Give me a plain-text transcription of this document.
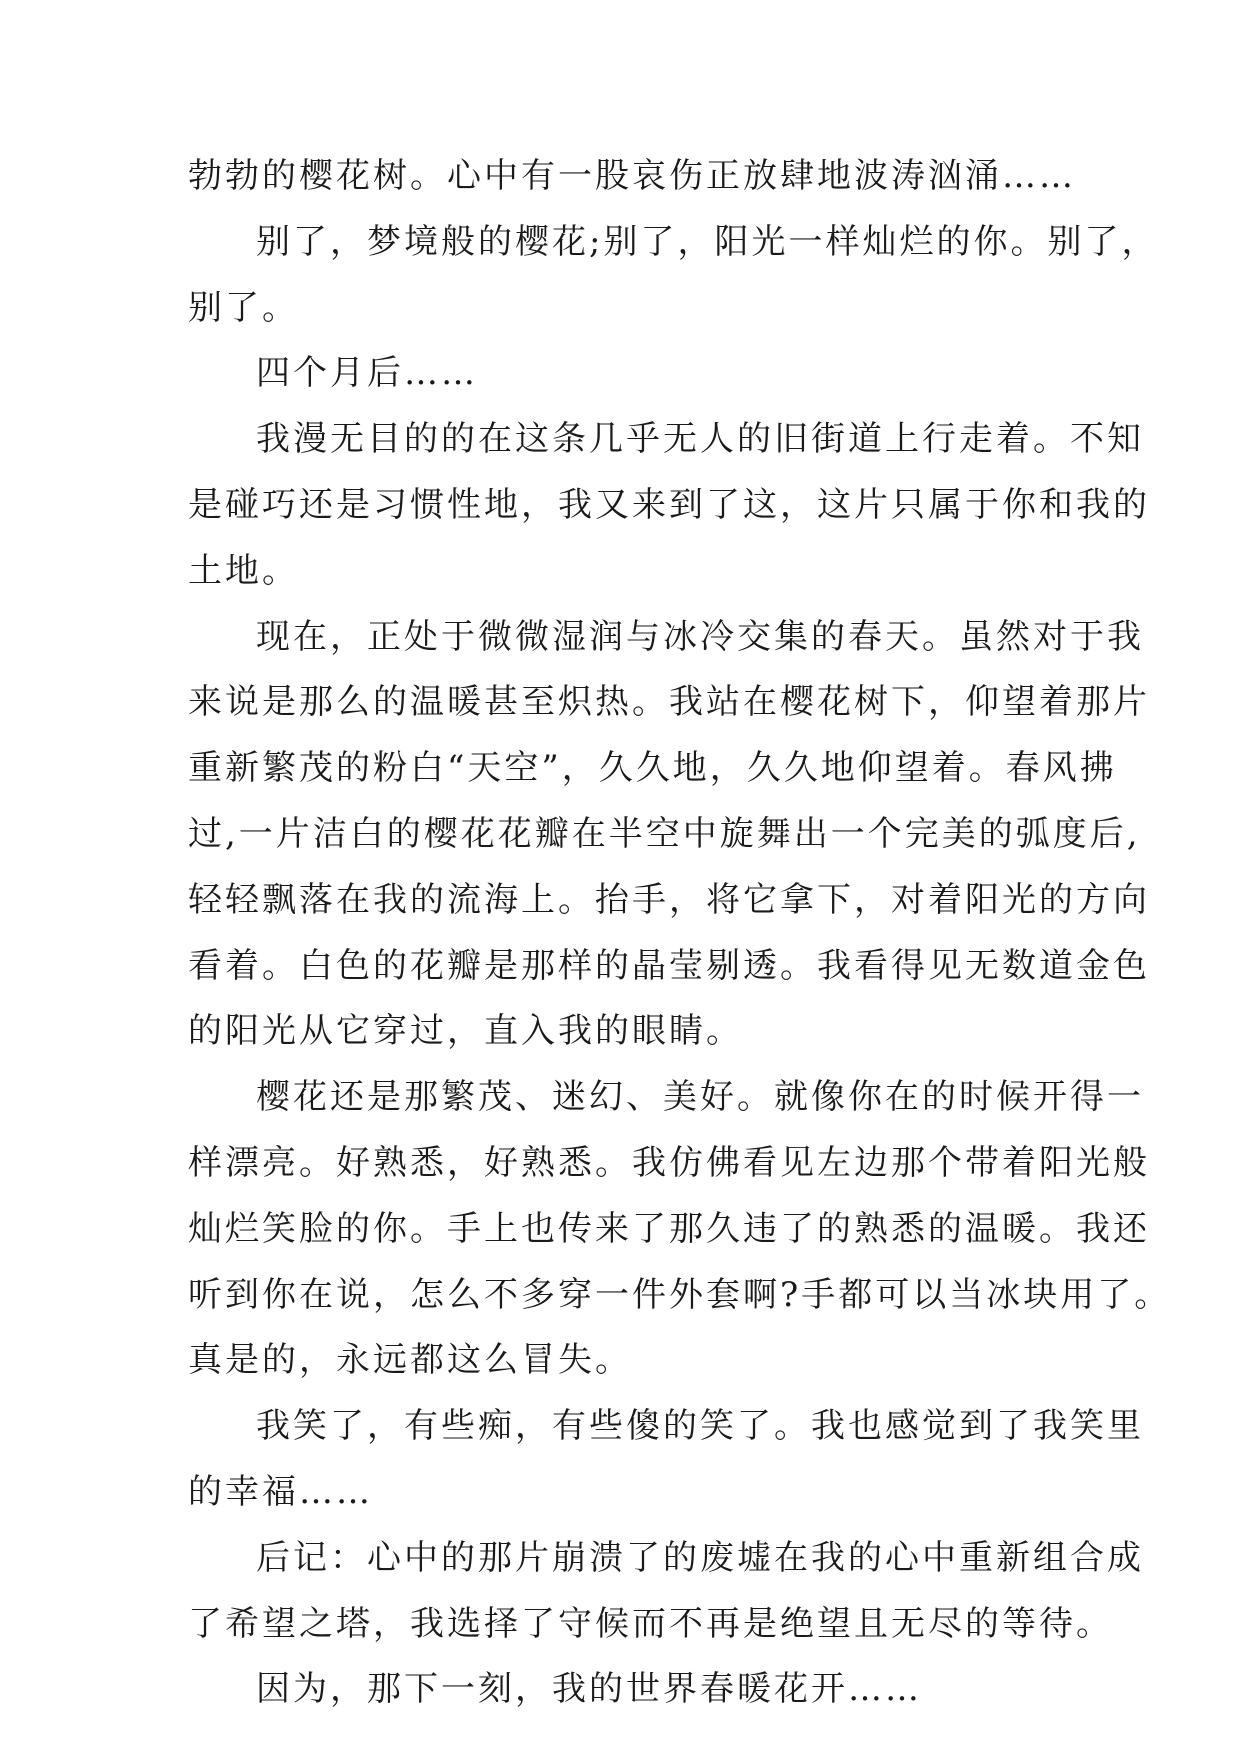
勃勃的樱花树。心中有一股哀伤正放肆地波涛汹涌……
别了，梦境般的樱花;别了，阳光一样灿烂的你。别了，
别了。
四个月后……
我漫无目的的在这条几乎无人的旧街道上行走着。不知
是碰巧还是习惯性地，我又来到了这，这片只属于你和我的
土地。
现在，正处于微微湿润与冰冷交集的春天。虽然对于我
来说是那么的温暖甚至炽热。我站在樱花树下，仰望着那片
重新繁茂的粉白“天空”，久久地，久久地仰望着。春风拂
过,一片洁白的樱花花瓣在半空中旋舞出一个完美的弧度后,
轻轻飘落在我的流海上。抬手，将它拿下，对着阳光的方向
看着。白色的花瓣是那样的晶莹剔透。我看得见无数道金色
的阳光从它穿过，直入我的眼睛。
樱花还是那繁茂、迷幻、美好。就像你在的时候开得一
样漂亮。好熟悉，好熟悉。我仿佛看见左边那个带着阳光般
灿烂笑脸的你。手上也传来了那久违了的熟悉的温暖。我还
听到你在说，怎么不多穿一件外套啊?手都可以当冰块用了。
真是的，永远都这么冒失。
我笑了，有些痴，有些傻的笑了。我也感觉到了我笑里
的幸福……
后记：心中的那片崩溃了的废墟在我的心中重新组合成
了希望之塔，我选择了守候而不再是绝望且无尽的等待。
因为，那下一刻，我的世界春暖花开……
